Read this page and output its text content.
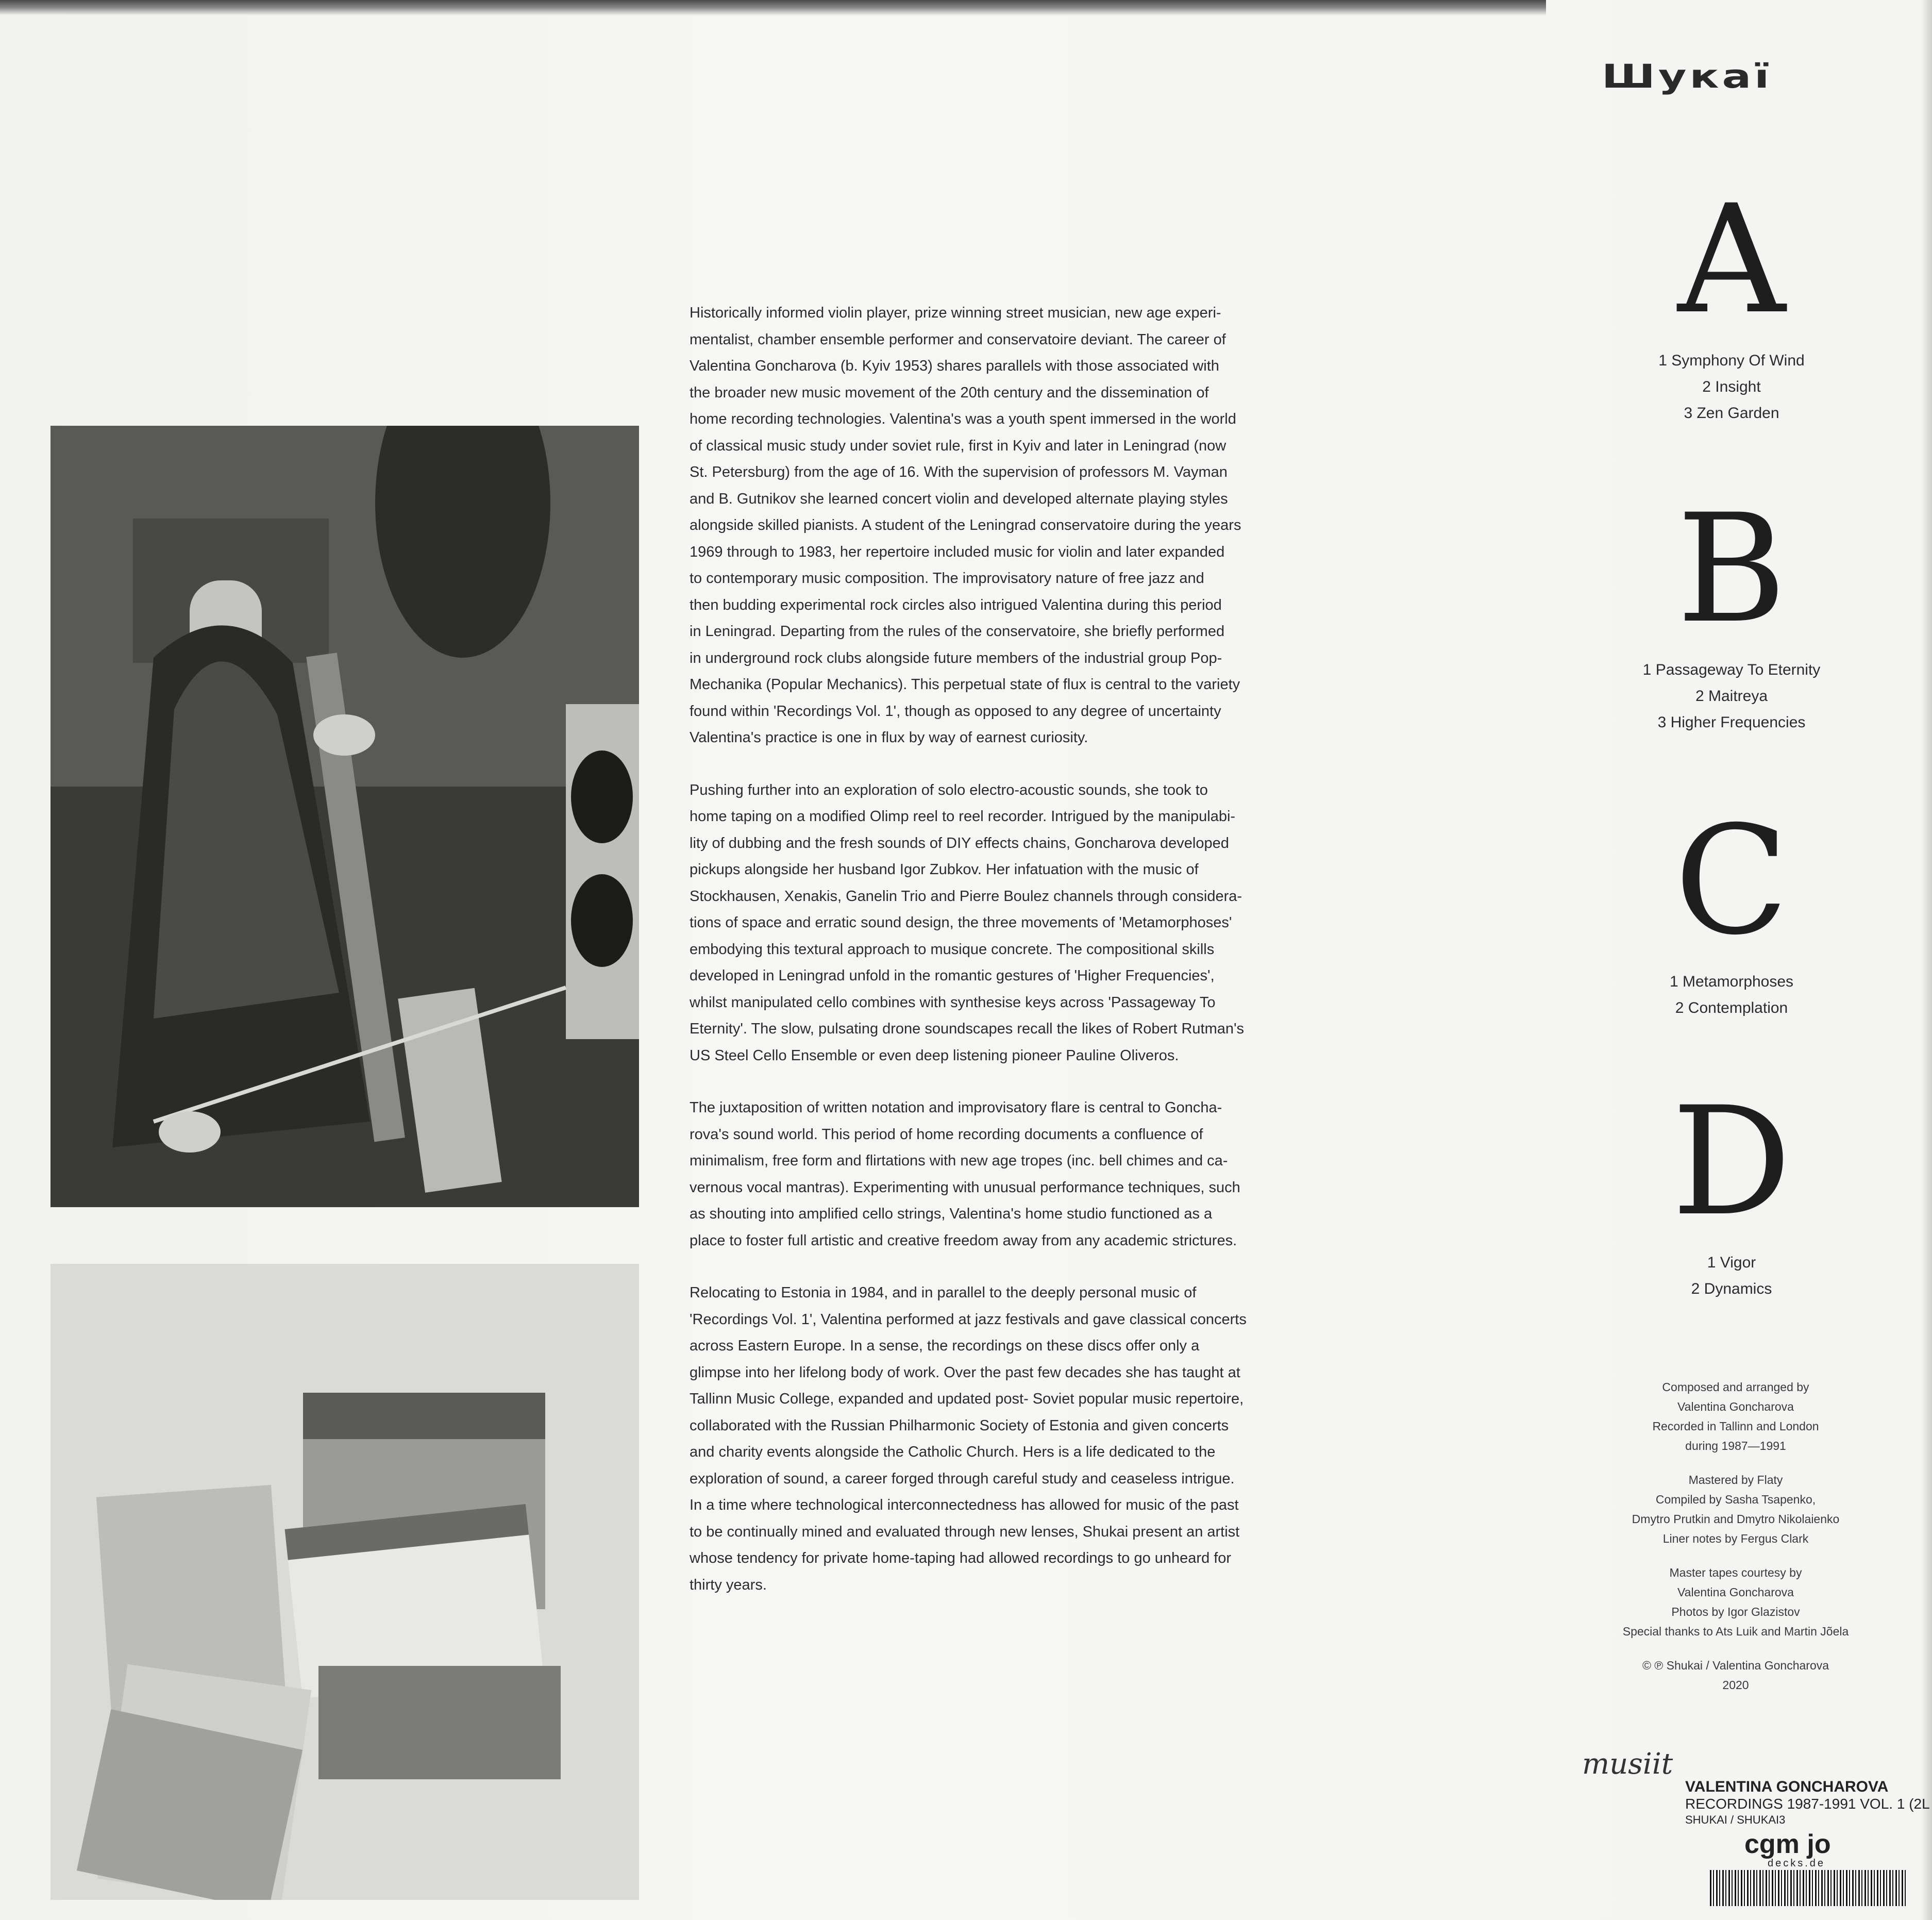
Шукаї

Historically informed violin player, prize winning street musician, new age experi-
mentalist, chamber ensemble performer and conservatoire deviant. The career of
Valentina Goncharova (b. Kyiv 1953) shares parallels with those associated with
the broader new music movement of the 20th century and the dissemination of
home recording technologies. Valentina's was a youth spent immersed in the world
of classical music study under soviet rule, first in Kyiv and later in Leningrad (now
St. Petersburg) from the age of 16. With the supervision of professors M. Vayman
and B. Gutnikov she learned concert violin and developed alternate playing styles
alongside skilled pianists. A student of the Leningrad conservatoire during the years
1969 through to 1983, her repertoire included music for violin and later expanded
to contemporary music composition. The improvisatory nature of free jazz and
then budding experimental rock circles also intrigued Valentina during this period
in Leningrad. Departing from the rules of the conservatoire, she briefly performed
in underground rock clubs alongside future members of the industrial group Pop-
Mechanika (Popular Mechanics). This perpetual state of flux is central to the variety
found within 'Recordings Vol. 1', though as opposed to any degree of uncertainty
Valentina's practice is one in flux by way of earnest curiosity.

Pushing further into an exploration of solo electro-acoustic sounds, she took to
home taping on a modified Olimp reel to reel recorder. Intrigued by the manipulabi-
lity of dubbing and the fresh sounds of DIY effects chains, Goncharova developed
pickups alongside her husband Igor Zubkov. Her infatuation with the music of
Stockhausen, Xenakis, Ganelin Trio and Pierre Boulez channels through considera-
tions of space and erratic sound design, the three movements of 'Metamorphoses'
embodying this textural approach to musique concrete. The compositional skills
developed in Leningrad unfold in the romantic gestures of 'Higher Frequencies',
whilst manipulated cello combines with synthesise keys across 'Passageway To
Eternity'. The slow, pulsating drone soundscapes recall the likes of Robert Rutman's
US Steel Cello Ensemble or even deep listening pioneer Pauline Oliveros.

The juxtaposition of written notation and improvisatory flare is central to Goncha-
rova's sound world. This period of home recording documents a confluence of
minimalism, free form and flirtations with new age tropes (inc. bell chimes and ca-
vernous vocal mantras). Experimenting with unusual performance techniques, such
as shouting into amplified cello strings, Valentina's home studio functioned as a
place to foster full artistic and creative freedom away from any academic strictures.

Relocating to Estonia in 1984, and in parallel to the deeply personal music of
'Recordings Vol. 1', Valentina performed at jazz festivals and gave classical concerts
across Eastern Europe. In a sense, the recordings on these discs offer only a
glimpse into her lifelong body of work. Over the past few decades she has taught at
Tallinn Music College, expanded and updated post- Soviet popular music repertoire,
collaborated with the Russian Philharmonic Society of Estonia and given concerts
and charity events alongside the Catholic Church. Hers is a life dedicated to the
exploration of sound, a career forged through careful study and ceaseless intrigue.
In a time where technological interconnectedness has allowed for music of the past
to be continually mined and evaluated through new lenses, Shukai present an artist
whose tendency for private home-taping had allowed recordings to go unheard for
thirty years.

A
1 Symphony Of Wind
2 Insight
3 Zen Garden
B
1 Passageway To Eternity
2 Maitreya
3 Higher Frequencies
C
1 Metamorphoses
2 Contemplation
D
1 Vigor
2 Dynamics
Composed and arranged by
Valentina Goncharova
Recorded in Tallinn and London
during 1987—1991
Mastered by Flaty
Compiled by Sasha Tsapenko,
Dmytro Prutkin and Dmytro Nikolaienko
Liner notes by Fergus Clark
Master tapes courtesy by
Valentina Goncharova
Photos by Igor Glazistov
Special thanks to Ats Luik and Martin Jõela
© ℗ Shukai / Valentina Goncharova
2020
musiit
VALENTINA GONCHAROVA
RECORDINGS 1987-1991 VOL. 1 (2L
SHUKAI / SHUKAI3
cgm jo
decks.de
